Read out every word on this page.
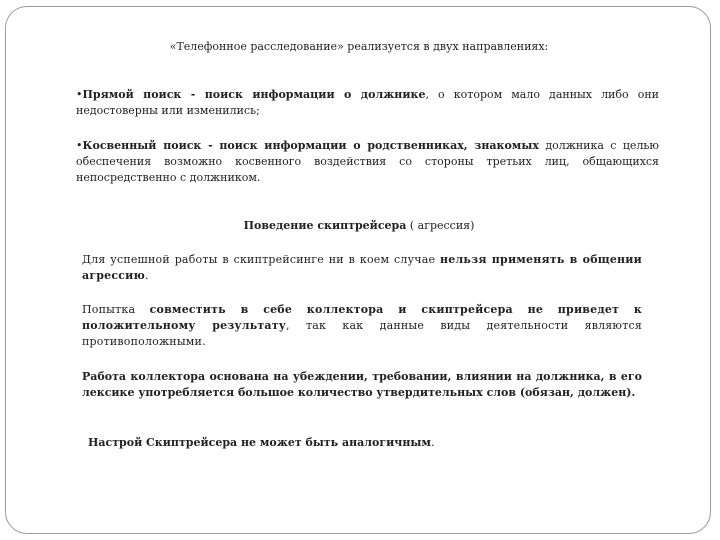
«Телефонное расследование» реализуется в двух направлениях:
•Прямой поиск - поиск информации о должнике, о котором мало данных либо они недостоверны или изменились;
•Косвенный поиск - поиск информации о родственниках, знакомых должника с целью обеспечения возможно косвенного воздействия со стороны третьих лиц, общающихся непосредственно с должником.
Поведение скиптрейсера ( агрессия)
Для успешной работы в скиптрейсинге ни в коем случае нельзя применять в общении агрессию.
Попытка совместить в себе коллектора и скиптрейсера не приведет к положительному результату, так как данные виды деятельности являются противоположными.
Работа коллектора основана на убеждении, требовании, влиянии на должника, в его лексике употребляется большое количество утвердительных слов (обязан, должен).
Настрой Скиптрейсера не может быть аналогичным.
